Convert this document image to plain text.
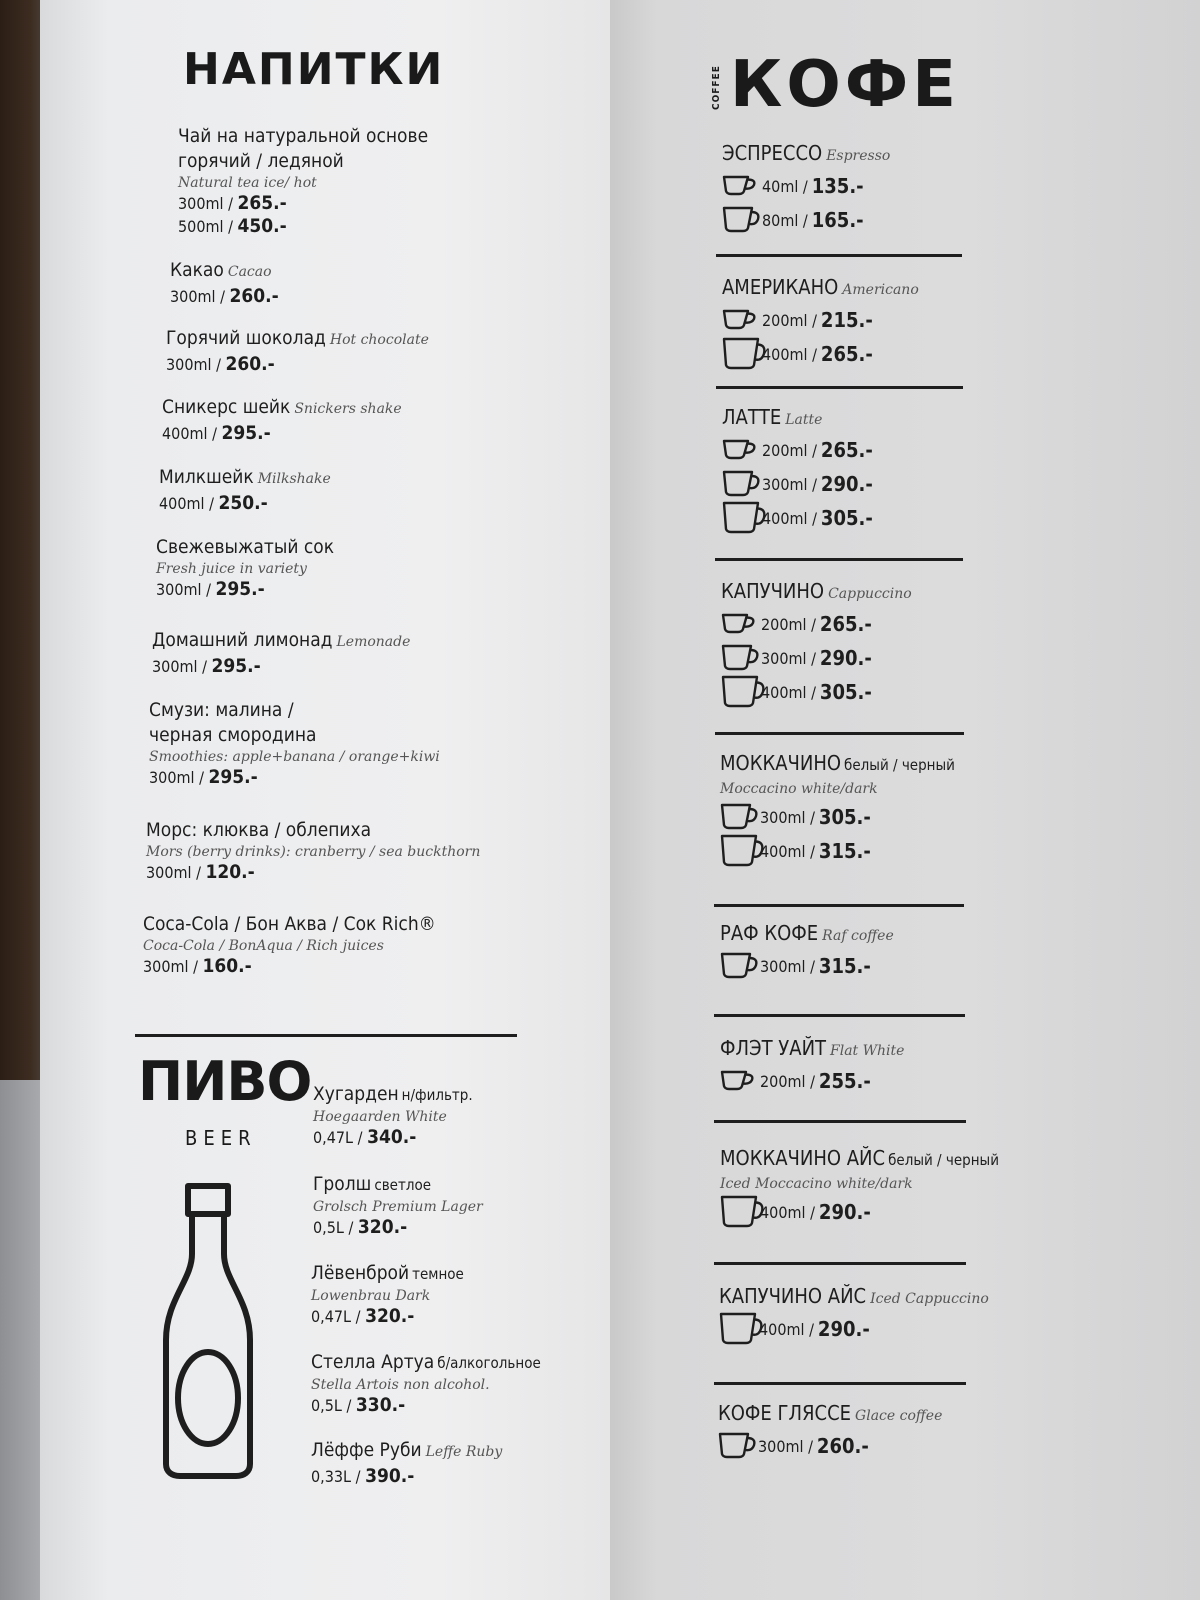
НАПИТКИ
Чай на натуральной основе
горячий / ледяной
Natural tea ice/ hot
300ml / 265.-
500ml / 450.-
Какао Cacao
300ml / 260.-
Горячий шоколад Hot chocolate
300ml / 260.-
Сникерс шейк Snickers shake
400ml / 295.-
Милкшейк Milkshake
400ml / 250.-
Свежевыжатый сок
Fresh juice in variety
300ml / 295.-
Домашний лимонад Lemonade
300ml / 295.-
Смузи: малина /
черная смородина
Smoothies: apple+banana / orange+kiwi
300ml / 295.-
Морс: клюква / облепиха
Mors (berry drinks): cranberry / sea buckthorn
300ml / 120.-
Coca-Cola / Бон Аква / Сок Rich®
Coca-Cola / BonAqua / Rich juices
300ml / 160.-
ПИВО
BEER
Хугарден н/фильтр.
Hoegaarden White
0,47L / 340.-
Гролш светлое
Grolsch Premium Lager
0,5L / 320.-
Лёвенброй темное
Lowenbrau Dark
0,47L / 320.-
Стелла Артуа б/алкогольное
Stella Artois non alcohol.
0,5L / 330.-
Лёффе Руби Leffe Ruby
0,33L / 390.-
COFFEE КОФЕ
ЭСПРЕССО Espresso
40ml / 135.-
80ml / 165.-
АМЕРИКАНО Americano
200ml / 215.-
400ml / 265.-
ЛАТТЕ Latte
200ml / 265.-
300ml / 290.-
400ml / 305.-
КАПУЧИНО Cappuccino
200ml / 265.-
300ml / 290.-
400ml / 305.-
МОККАЧИНО белый / черный
Moccacino white/dark
300ml / 305.-
400ml / 315.-
РАФ КОФЕ Raf coffee
300ml / 315.-
ФЛЭТ УАЙТ Flat White
200ml / 255.-
МОККАЧИНО АЙС белый / черный
Iced Moccacino white/dark
400ml / 290.-
КАПУЧИНО АЙС Iced Cappuccino
400ml / 290.-
КОФЕ ГЛЯССЕ Glace coffee
300ml / 260.-
